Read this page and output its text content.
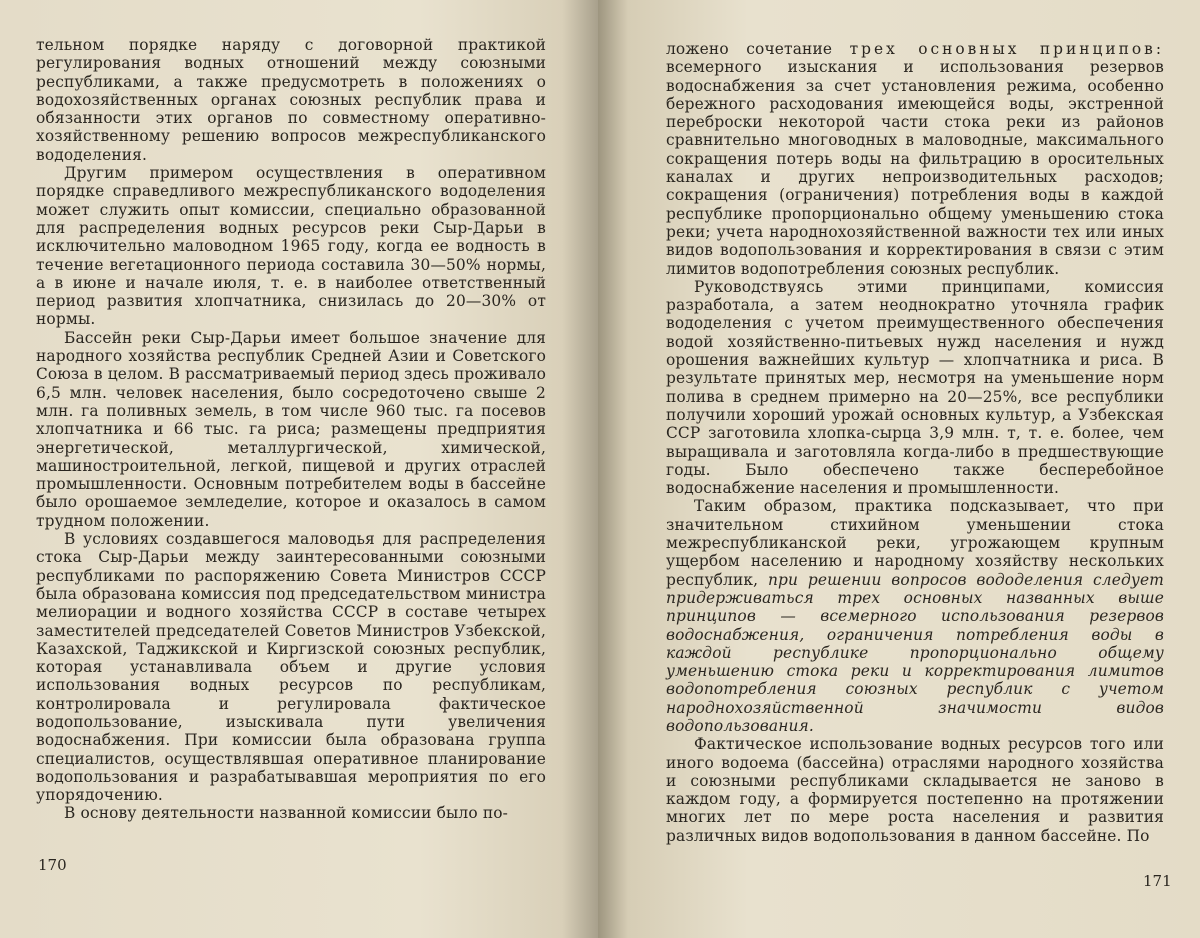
тельном порядке наряду с договорной практикой регулирования водных отношений между союзными республиками, а также предусмотреть в положениях о водохозяйственных органах союзных республик права и обязанности этих органов по совместному оперативно-хозяйственному решению вопросов межреспубликанского вододеления.

Другим примером осуществления в оперативном порядке справедливого межреспубликанского вододеления может служить опыт комиссии, специально образованной для распределения водных ресурсов реки Сыр-Дарьи в исключительно маловодном 1965 году, когда ее водность в течение вегетационного периода составила 30—50% нормы, а в июне и начале июля, т. е. в наиболее ответственный период развития хлопчатника, снизилась до 20—30% от нормы.

Бассейн реки Сыр-Дарьи имеет большое значение для народного хозяйства республик Средней Азии и Советского Союза в целом. В рассматриваемый период здесь проживало 6,5 млн. человек населения, было сосредоточено свыше 2 млн. га поливных земель, в том числе 960 тыс. га посевов хлопчатника и 66 тыс. га риса; размещены предприятия энергетической, металлургической, химической, машиностроительной, легкой, пищевой и других отраслей промышленности. Основным потребителем воды в бассейне было орошаемое земледелие, которое и оказалось в самом трудном положении.

В условиях создавшегося маловодья для распределения стока Сыр-Дарьи между заинтересованными союзными республиками по распоряжению Совета Министров СССР была образована комиссия под председательством министра мелиорации и водного хозяйства СССР в составе четырех заместителей председателей Советов Министров Узбекской, Казахской, Таджикской и Киргизской союзных республик, которая устанавливала объем и другие условия использования водных ресурсов по республикам, контролировала и регулировала фактическое водопользование, изыскивала пути увеличения водоснабжения. При комиссии была образована группа специалистов, осуществлявшая оперативное планирование водопользования и разрабатывавшая мероприятия по его упорядочению.

В основу деятельности названной комиссии было по-

170

ложено сочетание трех основных принципов: всемерного изыскания и использования резервов водоснабжения за счет установления режима, особенно бережного расходования имеющейся воды, экстренной переброски некоторой части стока реки из районов сравнительно многоводных в маловодные, максимального сокращения потерь воды на фильтрацию в оросительных каналах и других непроизводительных расходов; сокращения (ограничения) потребления воды в каждой республике пропорционально общему уменьшению стока реки; учета народнохозяйственной важности тех или иных видов водопользования и корректирования в связи с этим лимитов водопотребления союзных республик.

Руководствуясь этими принципами, комиссия разработала, а затем неоднократно уточняла график вододеления с учетом преимущественного обеспечения водой хозяйственно-питьевых нужд населения и нужд орошения важнейших культур — хлопчатника и риса. В результате принятых мер, несмотря на уменьшение норм полива в среднем примерно на 20—25%, все республики получили хороший урожай основных культур, а Узбекская ССР заготовила хлопка-сырца 3,9 млн. т, т. е. более, чем выращивала и заготовляла когда-либо в предшествующие годы. Было обеспечено также бесперебойное водоснабжение населения и промышленности.

Таким образом, практика подсказывает, что при значительном стихийном уменьшении стока межреспубликанской реки, угрожающем крупным ущербом населению и народному хозяйству нескольких республик, при решении вопросов вододеления следует придерживаться трех основных названных выше принципов — всемерного использования резервов водоснабжения, ограничения потребления воды в каждой республике пропорционально общему уменьшению стока реки и корректирования лимитов водопотребления союзных республик с учетом народнохозяйственной значимости видов водопользования.

Фактическое использование водных ресурсов того или иного водоема (бассейна) отраслями народного хозяйства и союзными республиками складывается не заново в каждом году, а формируется постепенно на протяжении многих лет по мере роста населения и развития различных видов водопользования в данном бассейне. По

171
